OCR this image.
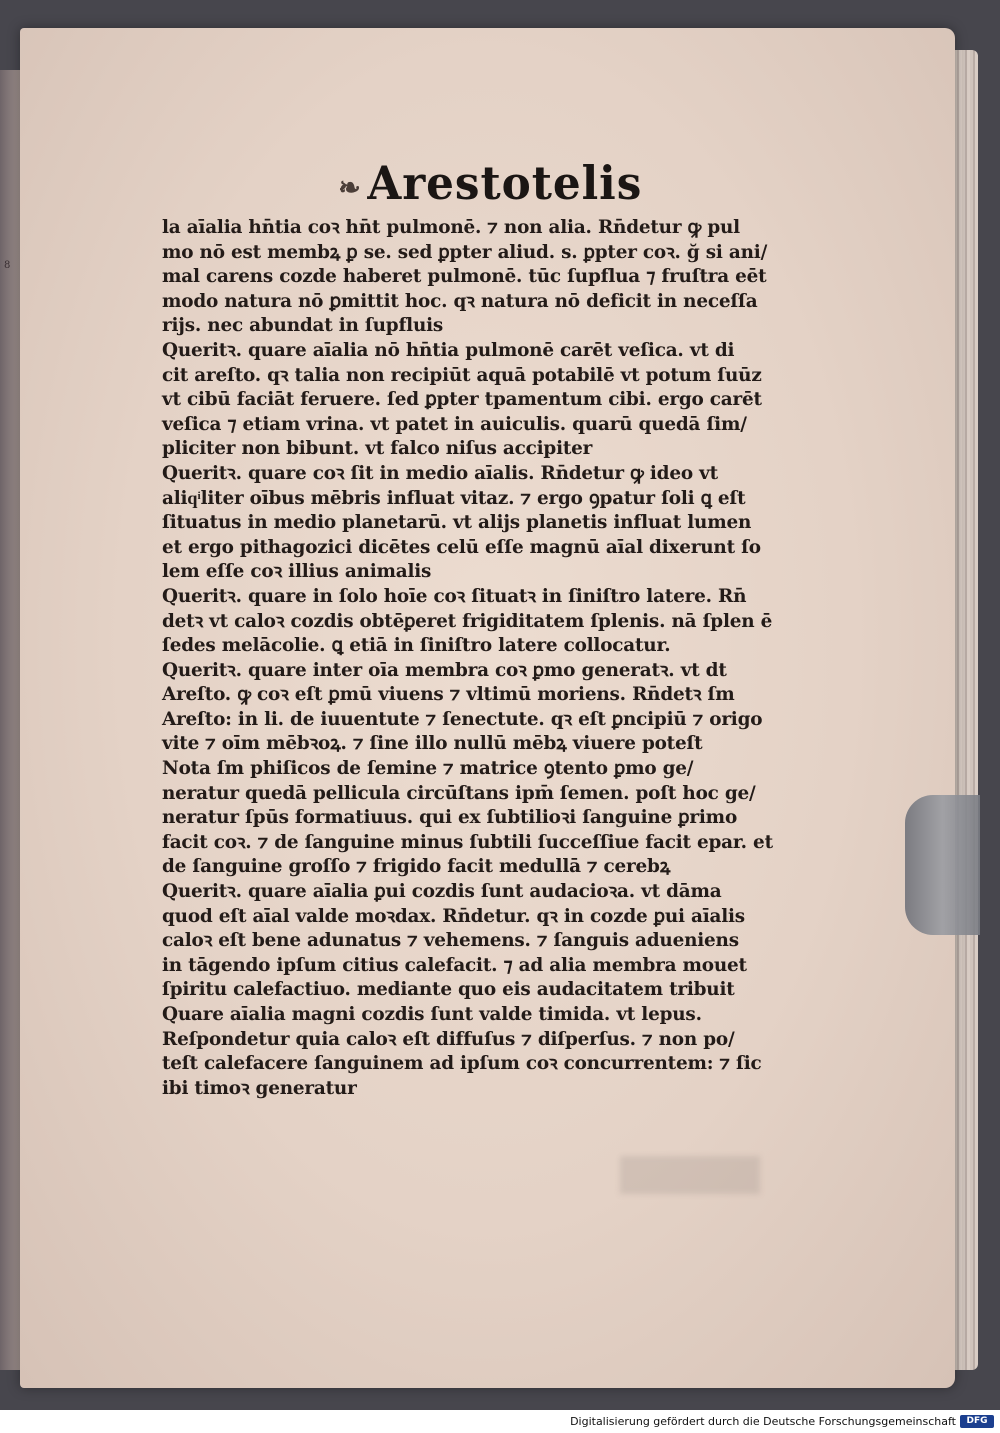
8
❧ Arestotelis
la aīalia hn̄tia coꝛ hn̄t pulmonē. ⁊ non alia. Rn̄detur ꝙ pul
mo nō est membꝝ ꝑ se. sed ꝑpter aliud. s. ꝑpter coꝛ. ğ si ani/
mal carens cozde haberet pulmonē. tūc ſupflua ⁊ fruſtra eēt
modo natura nō ꝑmittit hoc. qꝛ natura nō deficit in neceſſa
rijs. nec abundat in ſupfluis
Queritꝛ. quare aīalia nō hn̄tia pulmonē carēt veſica. vt di
cit areſto. qꝛ talia non recipiūt aquā potabilē vt potum ſuūz
vt cibū faciāt feruere. ſed ꝑpter tpamentum cibi. ergo carēt
veſica ⁊ etiam vrina. vt patet in auiculis. quarū quedā ſim/
pliciter non bibunt. vt falco niſus accipiter
Queritꝛ. quare coꝛ ſit in medio aīalis. Rn̄detur ꝙ ideo vt
aliqͥliter oībus mēbris influat vitaz. ⁊ ergo ꝯpatur ſoli ꝗ eſt
ſituatus in medio planetarū. vt alijs planetis influat lumen
et ergo pithagozici dicētes celū eſſe magnū aīal dixerunt ſo
lem eſſe coꝛ illius animalis
Queritꝛ. quare in ſolo hoīe coꝛ ſituatꝛ in ſiniſtro latere. Rn̄
detꝛ vt caloꝛ cozdis obtēꝑeret frigiditatem ſplenis. nā ſplen ē
ſedes melācolie. ꝗ etiā in ſiniſtro latere collocatur.
Queritꝛ. quare inter oīa membra coꝛ ꝑmo generatꝛ. vt dt
Areſto. ꝙ coꝛ eſt ꝑmū viuens ⁊ vltimū moriens. Rn̄detꝛ ſm
Areſto: in li. de iuuentute ⁊ ſenectute. qꝛ eſt ꝑncipiū ⁊ origo
vite ⁊ oīm mēbꝛoꝝ. ⁊ ſine illo nullū mēbꝝ viuere poteſt
Nota ſm phiſicos de ſemine ⁊ matrice ꝯtento ꝑmo ge/
neratur quedā pellicula circūſtans ipm̄ ſemen. poſt hoc ge/
neratur ſpūs formatiuus. qui ex ſubtilioꝛi ſanguine ꝑrimo
facit coꝛ. ⁊ de ſanguine minus ſubtili ſucceſſiue facit epar. et
de ſanguine groſſo ⁊ frigido facit medullā ⁊ cerebꝝ
Queritꝛ. quare aīalia ꝑui cozdis ſunt audacioꝛa. vt dāma
quod eſt aīal valde moꝛdax. Rn̄detur. qꝛ in cozde ꝑui aīalis
caloꝛ eſt bene adunatus ⁊ vehemens. ⁊ ſanguis adueniens
in tāgendo ipſum citius calefacit. ⁊ ad alia membra mouet
ſpiritu calefactiuo. mediante quo eis audacitatem tribuit
Quare aīalia magni cozdis ſunt valde timida. vt lepus.
Reſpondetur quia caloꝛ eſt diffuſus ⁊ diſperſus. ⁊ non po/
teſt calefacere ſanguinem ad ipſum coꝛ concurrentem: ⁊ ſic
ibi timoꝛ generatur
Digitalisierung gefördert durch die Deutsche Forschungsgemeinschaft	DFG
